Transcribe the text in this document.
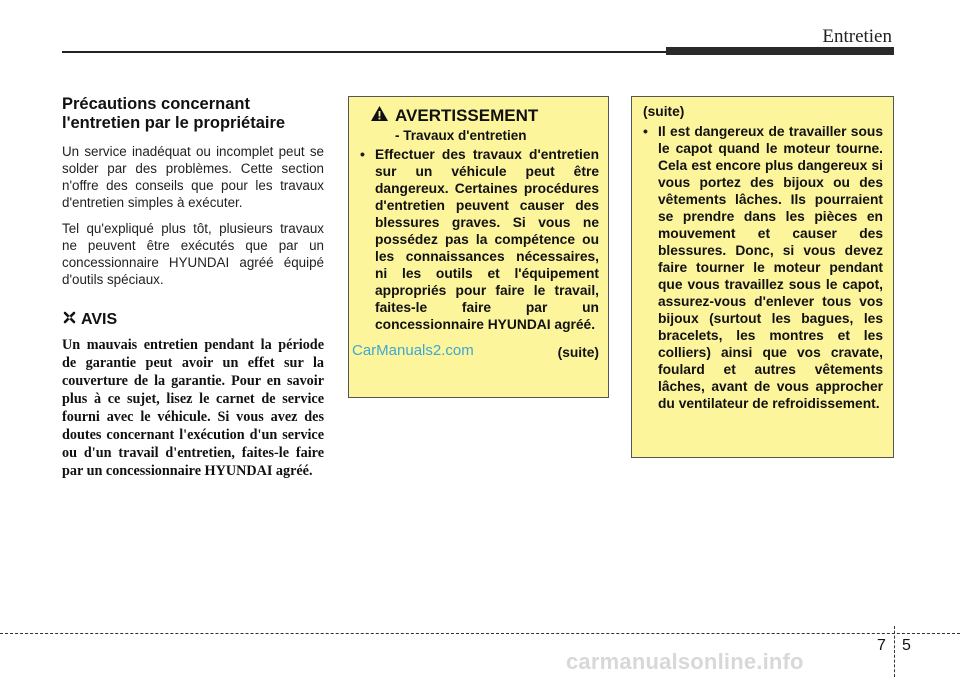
Entretien
Précautions concernant l'entretien par le propriétaire

Un service inadéquat ou incomplet peut se solder par des problèmes. Cette section n'offre des conseils que pour les travaux d'entretien simples à exécuter.

Tel qu'expliqué plus tôt, plusieurs travaux ne peuvent être exécutés que par un concessionnaire HYUNDAI agréé équipé d'outils spéciaux.

AVIS

Un mauvais entretien pendant la période de garantie peut avoir un effet sur la couverture de la garantie. Pour en savoir plus à ce sujet, lisez le carnet de service fourni avec le véhicule. Si vous avez des doutes concernant l'exécution d'un service ou d'un travail d'entretien, faites-le faire par un concessionnaire HYUNDAI agréé.

AVERTISSEMENT
- Travaux d'entretien
• Effectuer des travaux d'entretien sur un véhicule peut être dangereux. Certaines procédures d'entretien peuvent causer des blessures graves. Si vous ne possédez pas la compétence ou les connaissances nécessaires, ni les outils et l'équipement appropriés pour faire le travail, faites-le faire par un concessionnaire HYUNDAI agréé.
(suite)
CarManuals2.com
(suite)
• Il est dangereux de travailler sous le capot quand le moteur tourne. Cela est encore plus dangereux si vous portez des bijoux ou des vêtements lâches. Ils pourraient se prendre dans les pièces en mouvement et causer des blessures. Donc, si vous devez faire tourner le moteur pendant que vous travaillez sous le capot, assurez-vous d'enlever tous vos bijoux (surtout les bagues, les bracelets, les montres et les colliers) ainsi que vos cravate, foulard et autres vêtements lâches, avant de vous approcher du ventilateur de refroidissement.
7 5
carmanualsonline.info
